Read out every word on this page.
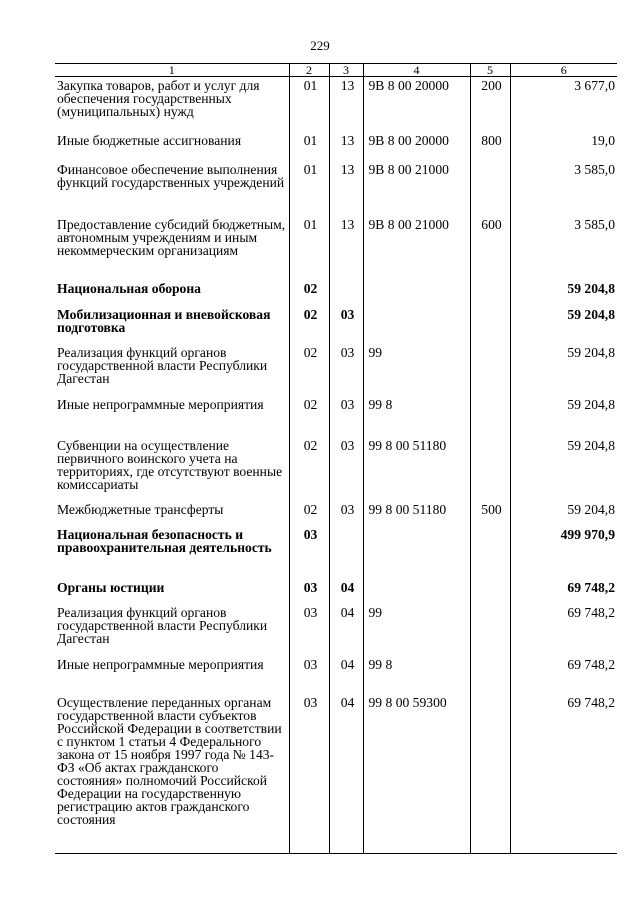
229
1	2	3	4	5	6
Закупка товаров, работ и услуг для обеспечения государственных (муниципальных) нужд	01	13	9В 8 00 20000	200	3 677,0
Иные бюджетные ассигнования	01	13	9В 8 00 20000	800	19,0
Финансовое обеспечение выполнения функций государственных учреждений	01	13	9В 8 00 21000		3 585,0
Предоставление субсидий бюджетным, автономным учреждениям и иным некоммерческим организациям	01	13	9В 8 00 21000	600	3 585,0
Национальная оборона	02				59 204,8
Мобилизационная и вневойсковая подготовка	02	03			59 204,8
Реализация функций органов государственной власти Республики Дагестан	02	03	99		59 204,8
Иные непрограммные мероприятия	02	03	99 8		59 204,8
Субвенции на осуществление первичного воинского учета на территориях, где отсутствуют военные комиссариаты	02	03	99 8 00 51180		59 204,8
Межбюджетные трансферты	02	03	99 8 00 51180	500	59 204,8
Национальная безопасность и правоохранительная деятельность	03				499 970,9
Органы юстиции	03	04			69 748,2
Реализация функций органов государственной власти Республики Дагестан	03	04	99		69 748,2
Иные непрограммные мероприятия	03	04	99 8		69 748,2
Осуществление переданных органам государственной власти субъектов Российской Федерации в соответствии с пунктом 1 статьи 4 Федерального закона от 15 ноября 1997 года № 143-ФЗ «Об актах гражданского состояния» полномочий Российской Федерации на государственную регистрацию актов гражданского состояния	03	04	99 8 00 59300		69 748,2
